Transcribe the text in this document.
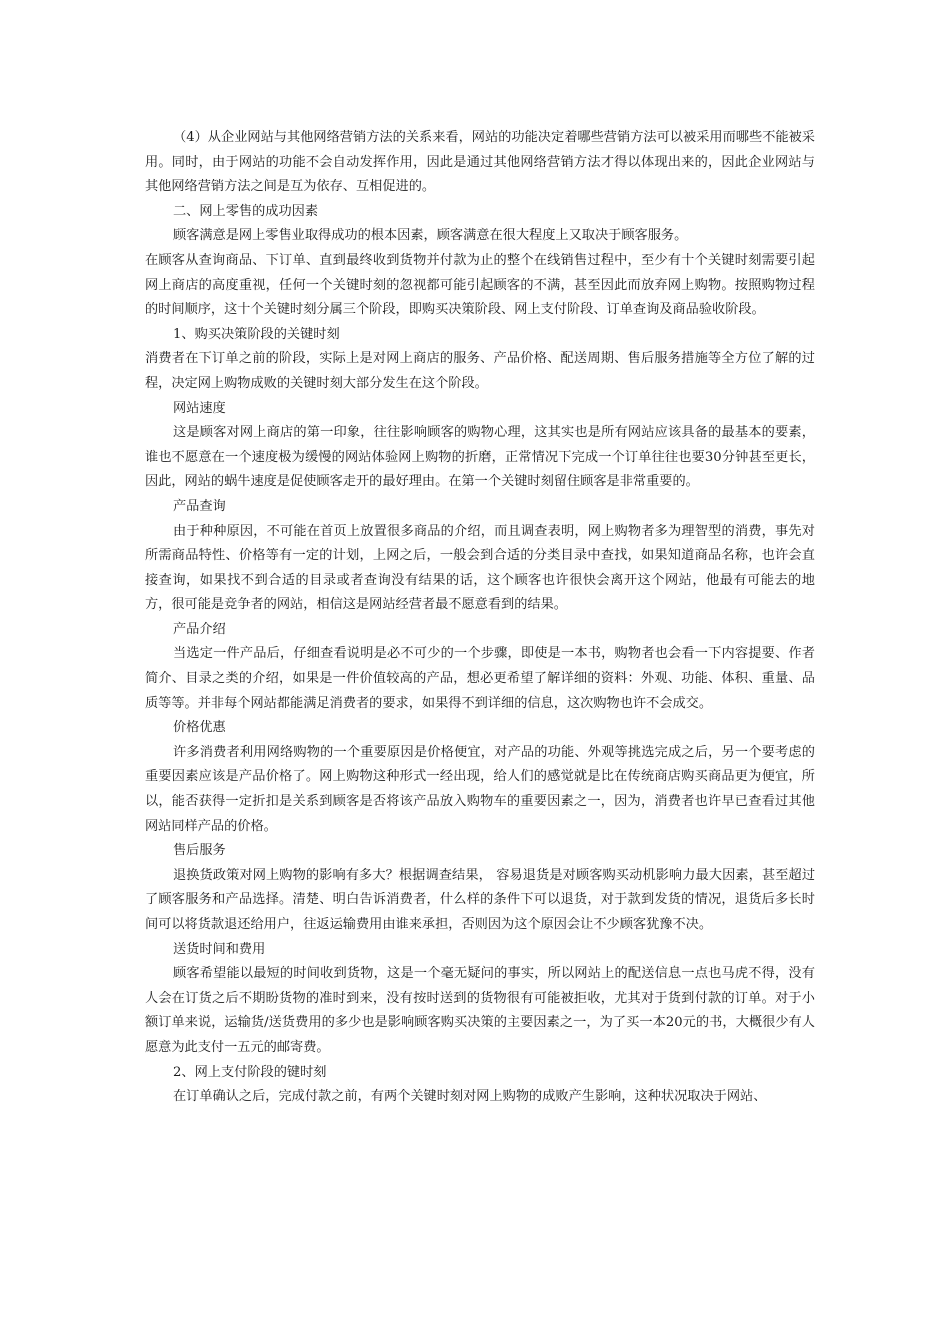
（4）从企业网站与其他网络营销方法的关系来看，网站的功能决定着哪些营销方法可以被采用而哪些不能被采用。同时，由于网站的功能不会自动发挥作用，因此是通过其他网络营销方法才得以体现出来的，因此企业网站与其他网络营销方法之间是互为依存、互相促进的。

二、网上零售的成功因素

顾客满意是网上零售业取得成功的根本因素，顾客满意在很大程度上又取决于顾客服务。

在顾客从查询商品、下订单、直到最终收到货物并付款为止的整个在线销售过程中，至少有十个关键时刻需要引起网上商店的高度重视，任何一个关键时刻的忽视都可能引起顾客的不满，甚至因此而放弃网上购物。按照购物过程的时间顺序，这十个关键时刻分属三个阶段，即购买决策阶段、网上支付阶段、订单查询及商品验收阶段。

1、购买决策阶段的关键时刻

消费者在下订单之前的阶段，实际上是对网上商店的服务、产品价格、配送周期、售后服务措施等全方位了解的过程，决定网上购物成败的关键时刻大部分发生在这个阶段。

网站速度

这是顾客对网上商店的第一印象，往往影响顾客的购物心理，这其实也是所有网站应该具备的最基本的要素，谁也不愿意在一个速度极为缓慢的网站体验网上购物的折磨，正常情况下完成一个订单往往也要30分钟甚至更长，因此，网站的蜗牛速度是促使顾客走开的最好理由。在第一个关键时刻留住顾客是非常重要的。

产品查询

由于种种原因，不可能在首页上放置很多商品的介绍，而且调查表明，网上购物者多为理智型的消费，事先对所需商品特性、价格等有一定的计划，上网之后，一般会到合适的分类目录中查找，如果知道商品名称，也许会直接查询，如果找不到合适的目录或者查询没有结果的话，这个顾客也许很快会离开这个网站，他最有可能去的地方，很可能是竞争者的网站，相信这是网站经营者最不愿意看到的结果。

产品介绍

当选定一件产品后，仔细查看说明是必不可少的一个步骤，即使是一本书，购物者也会看一下内容提要、作者简介、目录之类的介绍，如果是一件价值较高的产品，想必更希望了解详细的资料：外观、功能、体积、重量、品质等等。并非每个网站都能满足消费者的要求，如果得不到详细的信息，这次购物也许不会成交。

价格优惠

许多消费者利用网络购物的一个重要原因是价格便宜，对产品的功能、外观等挑选完成之后，另一个要考虑的重要因素应该是产品价格了。网上购物这种形式一经出现，给人们的感觉就是比在传统商店购买商品更为便宜，所以，能否获得一定折扣是关系到顾客是否将该产品放入购物车的重要因素之一，因为，消费者也许早已查看过其他网站同样产品的价格。

售后服务

退换货政策对网上购物的影响有多大？根据调查结果， 容易退货是对顾客购买动机影响力最大因素，甚至超过了顾客服务和产品选择。清楚、明白告诉消费者，什么样的条件下可以退货，对于款到发货的情况，退货后多长时间可以将货款退还给用户，往返运输费用由谁来承担，否则因为这个原因会让不少顾客犹豫不决。

送货时间和费用

顾客希望能以最短的时间收到货物，这是一个毫无疑问的事实，所以网站上的配送信息一点也马虎不得，没有人会在订货之后不期盼货物的准时到来，没有按时送到的货物很有可能被拒收，尤其对于货到付款的订单。对于小额订单来说，运输货/送货费用的多少也是影响顾客购买决策的主要因素之一，为了买一本20元的书，大概很少有人愿意为此支付一五元的邮寄费。

2、网上支付阶段的键时刻

在订单确认之后，完成付款之前，有两个关键时刻对网上购物的成败产生影响，这种状况取决于网站、
